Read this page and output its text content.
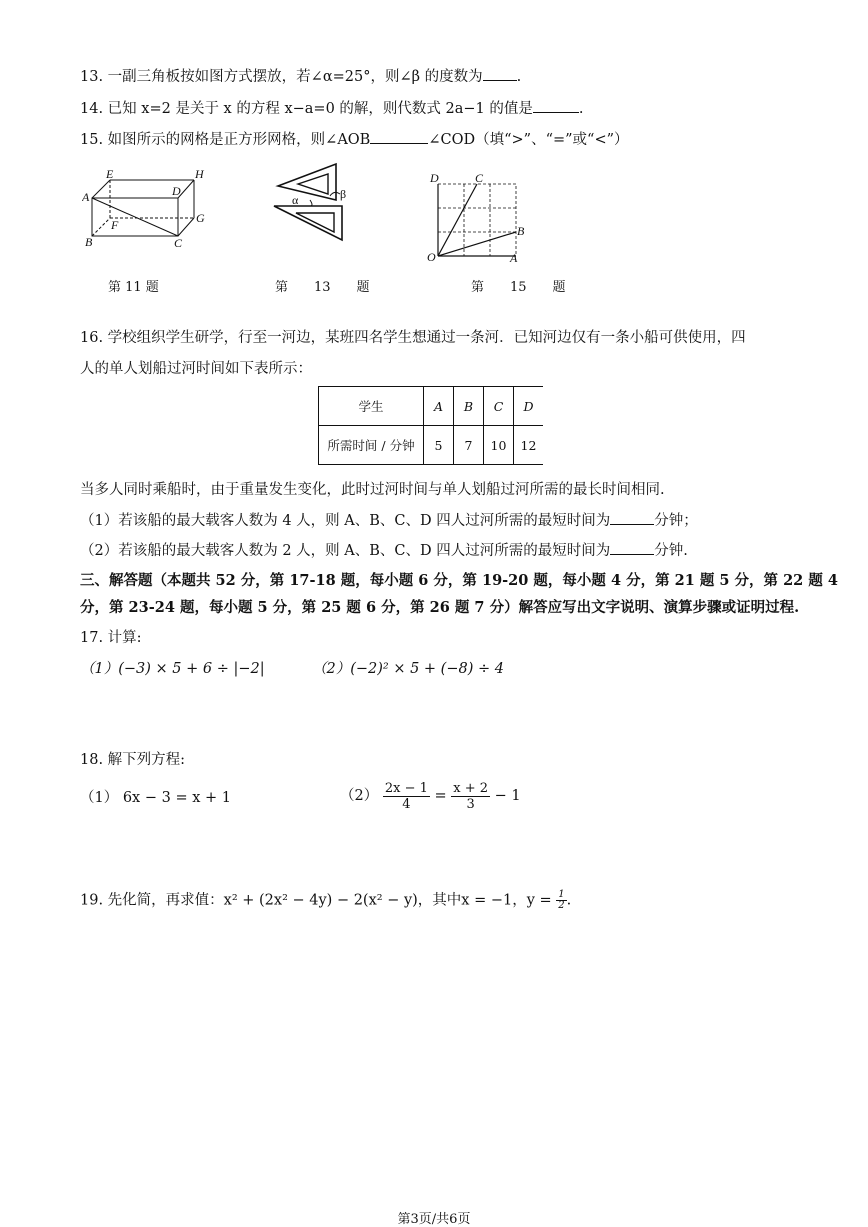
13. 一副三角板按如图方式摆放，若∠α=25°，则∠β 的度数为 .
14. 已知 x=2 是关于 x 的方程 x−a=0 的解，则代数式 2a−1 的值是	.
15. 如图所示的网格是正方形网格，则∠AOB	∠COD（填“>”、“=”或“<”）
E
D
H
A
G
F
B	C
第 11 题
α	β
第　　13　　题
D	C
B
O	A
第　　15　　题
16. 学校组织学生研学，行至一河边，某班四名学生想通过一条河．已知河边仅有一条小船可供使用，四
人的单人划船过河时间如下表所示：
学生	A	B	C	D
所需时间 / 分钟	5	7	10	12
当多人同时乘船时，由于重量发生变化，此时过河时间与单人划船过河所需的最长时间相同.
（1）若该船的最大载客人数为 4 人，则 A、B、C、D 四人过河所需的最短时间为	分钟；
（2）若该船的最大载客人数为 2 人，则 A、B、C、D 四人过河所需的最短时间为	分钟.
三、解答题（本题共 52 分，第 17-18 题，每小题 6 分，第 19-20 题，每小题 4 分，第 21 题 5 分，第 22 题 4
分，第 23-24 题，每小题 5 分，第 25 题 6 分，第 26 题 7 分）解答应写出文字说明、演算步骤或证明过程.
17. 计算:
（1）(−3) × 5 + 6 ÷ |−2|	（2）(−2)² × 5 + (−8) ÷ 4
18. 解下列方程:
（1） 6x − 3 = x + 1	$(2) \frac{2x - 1}{4} = \frac{x + 2}{3} - 1$
19. 先化简，再求值：x² + (2x² − 4y) − 2(x² − y)，其中x = −1，$y = \frac{1}{2}$ .
第3页/共6页
